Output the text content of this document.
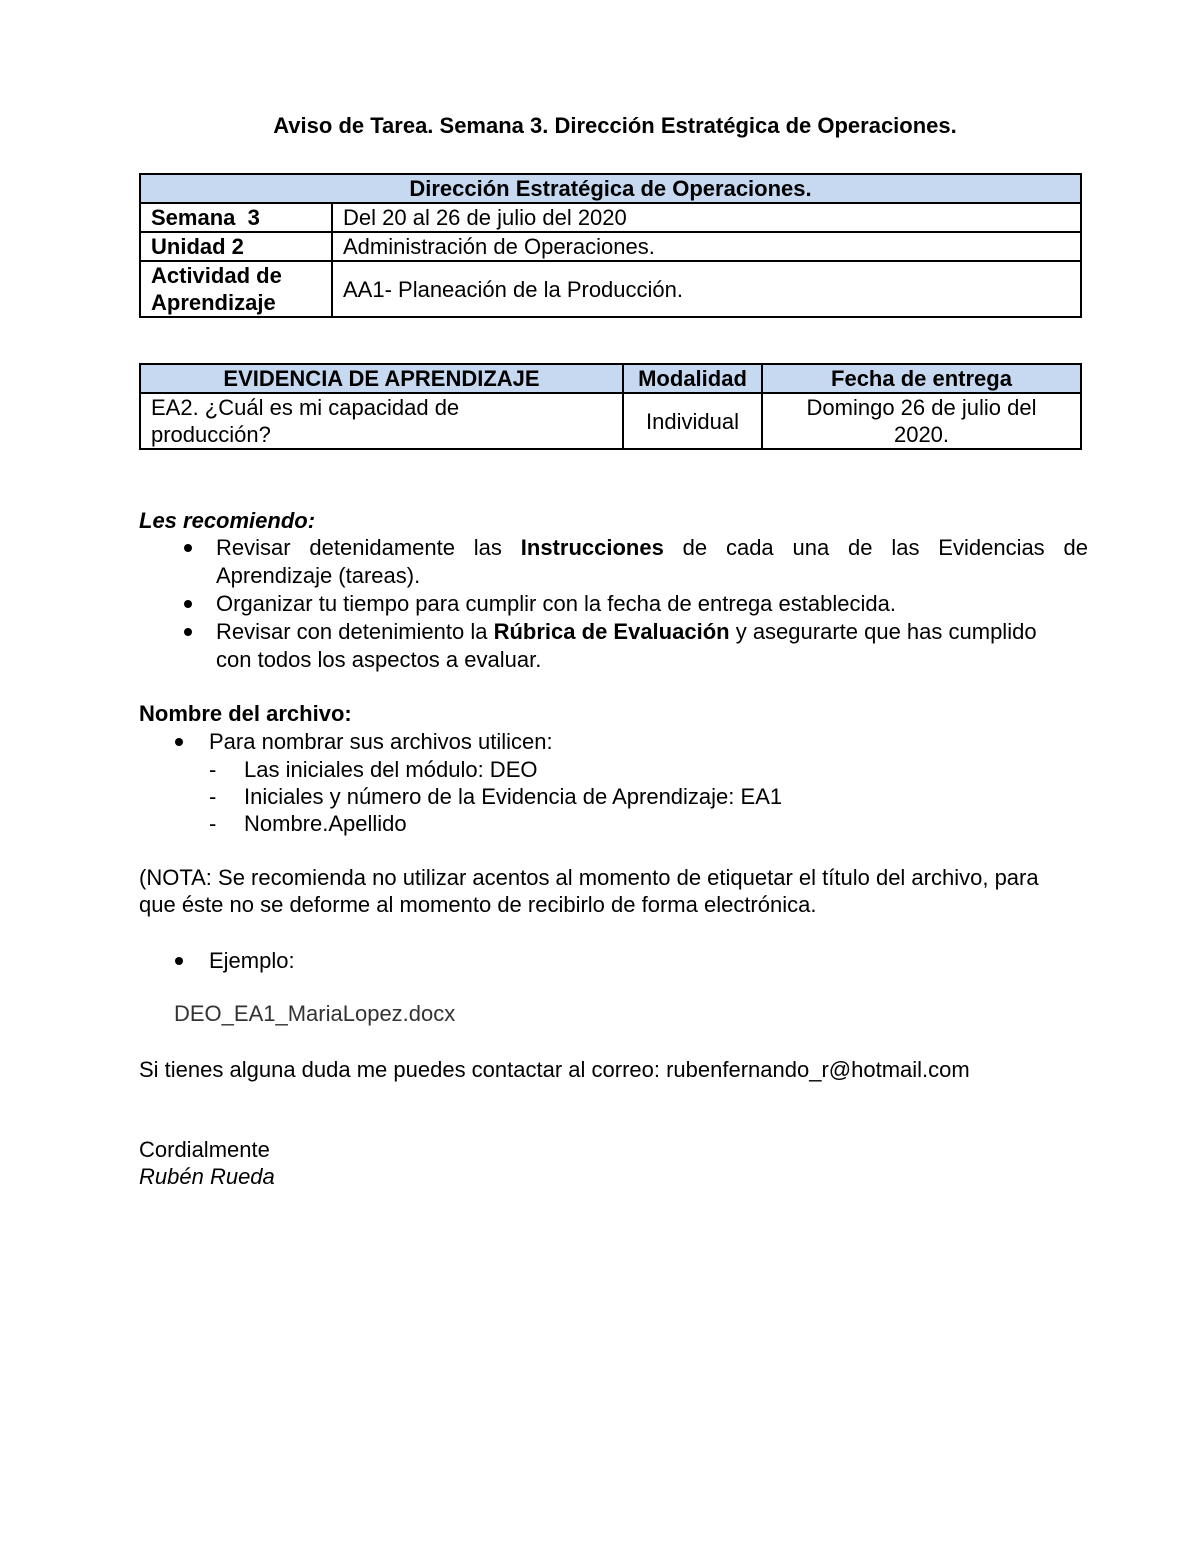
Aviso de Tarea. Semana 3. Dirección Estratégica de Operaciones.
Dirección Estratégica de Operaciones.	
Semana  3	Del 20 al 26 de julio del 2020
Unidad 2	Administración de Operaciones.
Actividad de Aprendizaje	AA1- Planeación de la Producción.
EVIDENCIA DE APRENDIZAJE	Modalidad	Fecha de entrega
EA2. ¿Cuál es mi capacidad de producción?	Individual	Domingo 26 de julio del 2020.
Les recomiendo:
Revisar detenidamente las Instrucciones de cada una de las Evidencias de
Aprendizaje (tareas).
Organizar tu tiempo para cumplir con la fecha de entrega establecida.
Revisar con detenimiento la Rúbrica de Evaluación y asegurarte que has cumplido
con todos los aspectos a evaluar.
Nombre del archivo:
Para nombrar sus archivos utilicen:
- Las iniciales del módulo: DEO
- Iniciales y número de la Evidencia de Aprendizaje: EA1
- Nombre.Apellido
(NOTA: Se recomienda no utilizar acentos al momento de etiquetar el título del archivo, para
que éste no se deforme al momento de recibirlo de forma electrónica.
Ejemplo:
DEO_EA1_MariaLopez.docx
Si tienes alguna duda me puedes contactar al correo: rubenfernando_r@hotmail.com
Cordialmente
Rubén Rueda
